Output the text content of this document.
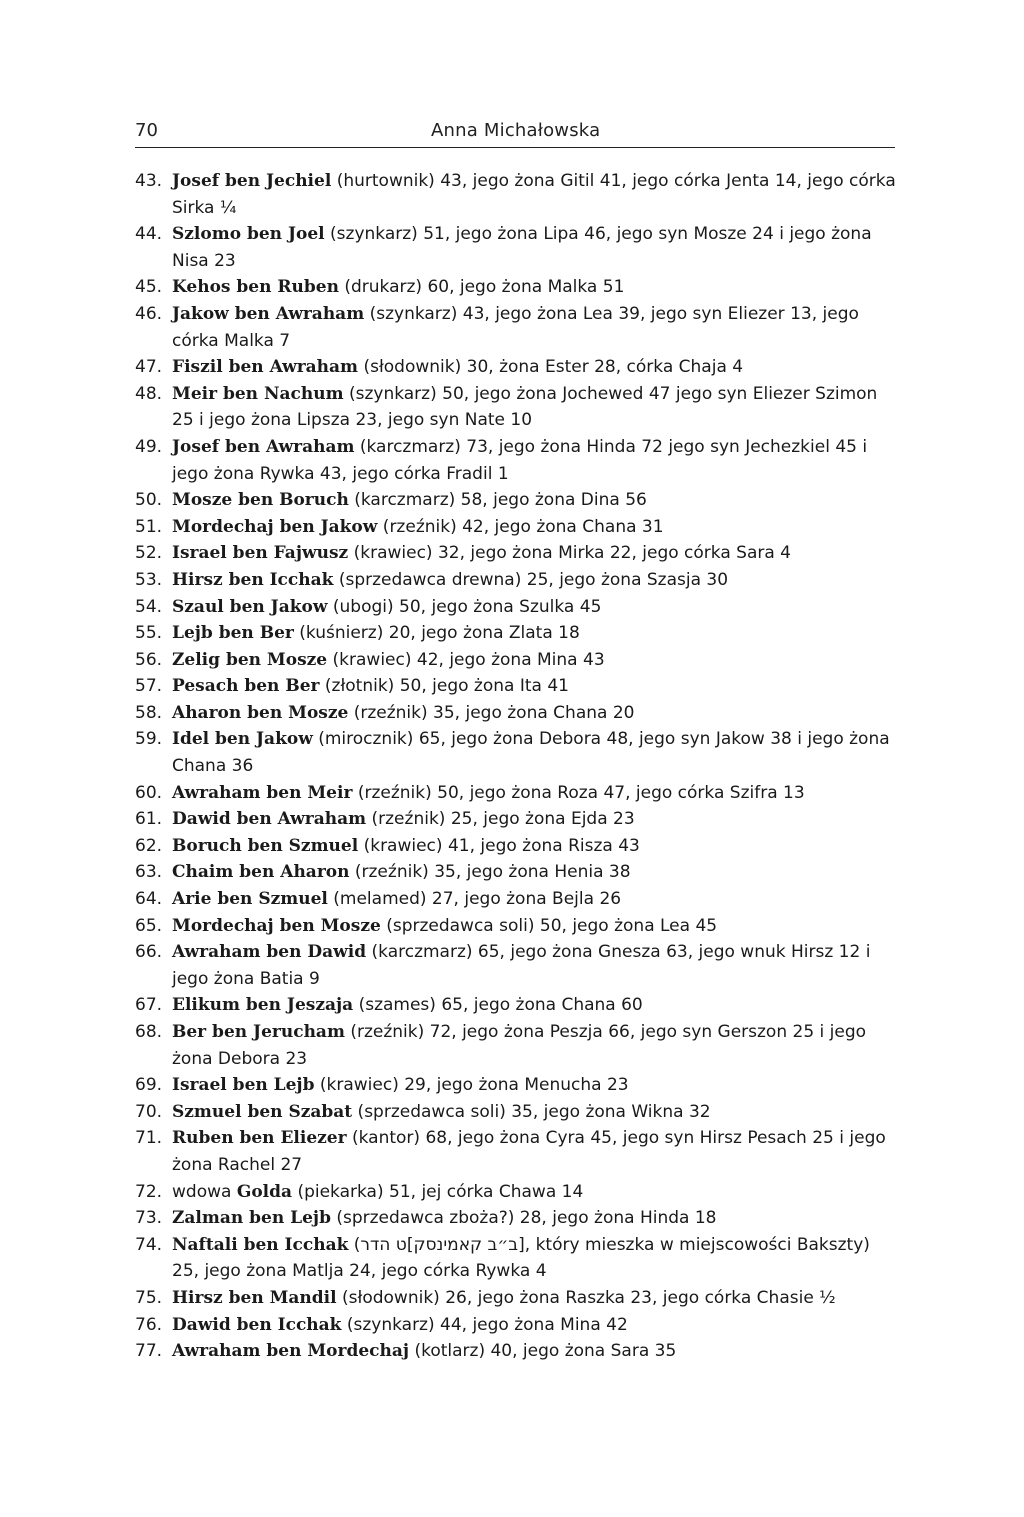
70	Anna Michałowska
43. Josef ben Jechiel (hurtownik) 43, jego żona Gitil 41, jego córka Jenta 14, jego córka Sirka ¼
44. Szlomo ben Joel (szynkarz) 51, jego żona Lipa 46, jego syn Mosze 24 i jego żona Nisa 23
45. Kehos ben Ruben (drukarz) 60, jego żona Malka 51
46. Jakow ben Awraham (szynkarz) 43, jego żona Lea 39, jego syn Eliezer 13, jego córka Malka 7
47. Fiszil ben Awraham (słodownik) 30, żona Ester 28, córka Chaja 4
48. Meir ben Nachum (szynkarz) 50, jego żona Jochewed 47 jego syn Eliezer Szimon 25 i jego żona Lipsza 23, jego syn Nate 10
49. Josef ben Awraham (karczmarz) 73, jego żona Hinda 72 jego syn Jechezkiel 45 i jego żona Rywka 43, jego córka Fradil 1
50. Mosze ben Boruch (karczmarz) 58, jego żona Dina 56
51. Mordechaj ben Jakow (rzeźnik) 42, jego żona Chana 31
52. Israel ben Fajwusz (krawiec) 32, jego żona Mirka 22, jego córka Sara 4
53. Hirsz ben Icchak (sprzedawca drewna) 25, jego żona Szasja 30
54. Szaul ben Jakow (ubogi) 50, jego żona Szulka 45
55. Lejb ben Ber (kuśnierz) 20, jego żona Zlata 18
56. Zelig ben Mosze (krawiec) 42, jego żona Mina 43
57. Pesach ben Ber (złotnik) 50, jego żona Ita 41
58. Aharon ben Mosze (rzeźnik) 35, jego żona Chana 20
59. Idel ben Jakow (mirocznik) 65, jego żona Debora 48, jego syn Jakow 38 i jego żona Chana 36
60. Awraham ben Meir (rzeźnik) 50, jego żona Roza 47, jego córka Szifra 13
61. Dawid ben Awraham (rzeźnik) 25, jego żona Ejda 23
62. Boruch ben Szmuel (krawiec) 41, jego żona Risza 43
63. Chaim ben Aharon (rzeźnik) 35, jego żona Henia 38
64. Arie ben Szmuel (melamed) 27, jego żona Bejla 26
65. Mordechaj ben Mosze (sprzedawca soli) 50, jego żona Lea 45
66. Awraham ben Dawid (karczmarz) 65, jego żona Gnesza 63, jego wnuk Hirsz 12 i jego żona Batia 9
67. Elikum ben Jeszaja (szames) 65, jego żona Chana 60
68. Ber ben Jerucham (rzeźnik) 72, jego żona Peszja 66, jego syn Gerszon 25 i jego żona Debora 23
69. Israel ben Lejb (krawiec) 29, jego żona Menucha 23
70. Szmuel ben Szabat (sprzedawca soli) 35, jego żona Wikna 32
71. Ruben ben Eliezer (kantor) 68, jego żona Cyra 45, jego syn Hirsz Pesach 25 i jego żona Rachel 27
72. wdowa Golda (piekarka) 51, jej córka Chawa 14
73. Zalman ben Lejb (sprzedawca zboża?) 28, jego żona Hinda 18
74. Naftali ben Icchak ([ב״ב קאמינסק]ט הדר, który mieszka w miejscowości Bakszty) 25, jego żona Matlja 24, jego córka Rywka 4
75. Hirsz ben Mandil (słodownik) 26, jego żona Raszka 23, jego córka Chasie ½
76. Dawid ben Icchak (szynkarz) 44, jego żona Mina 42
77. Awraham ben Mordechaj (kotlarz) 40, jego żona Sara 35
